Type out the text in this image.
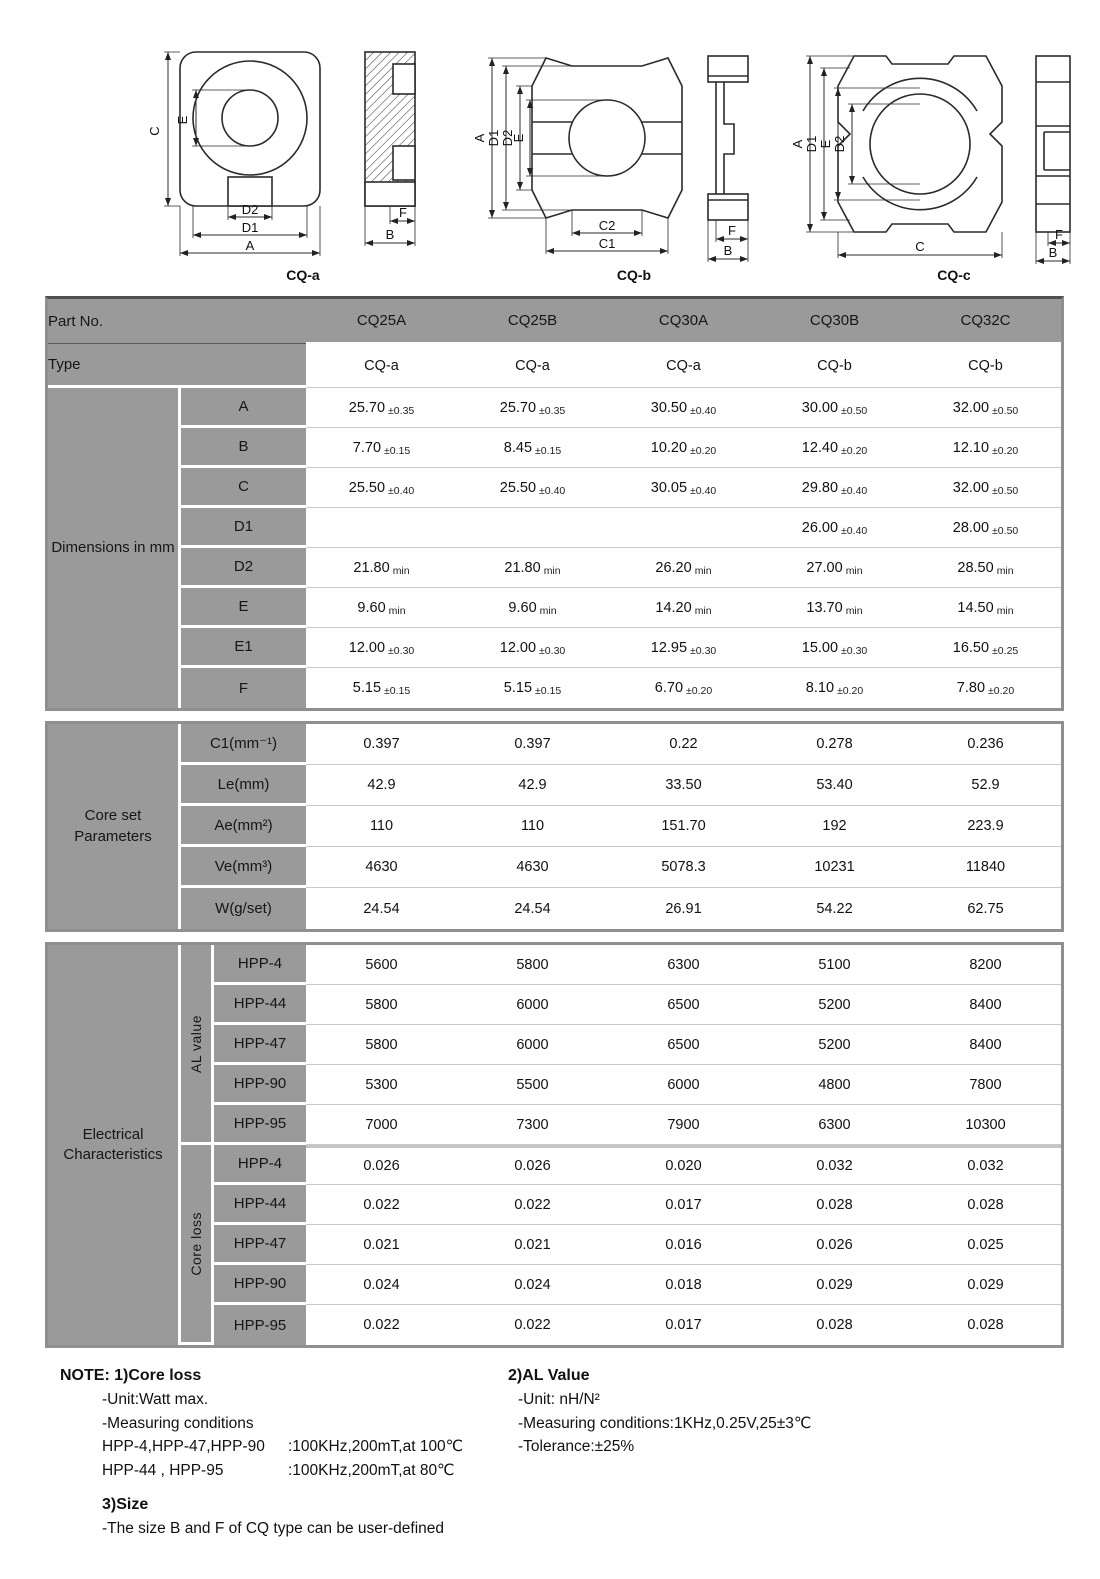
C
E
D2
D1
A
F
B
CQ-a
A D1 D2
E
C2
C1
F
B
CQ-b
A D1 E D2
C
F
B
CQ-c
Part No.		CQ25A	CQ25B	CQ30A	CQ30B	CQ32C
Type		CQ-a	CQ-a	CQ-a	CQ-b	CQ-b
Dimensions in mm	A	25.70 ±0.35	25.70 ±0.35	30.50 ±0.40	30.00 ±0.50	32.00 ±0.50
	B	7.70 ±0.15	8.45 ±0.15	10.20 ±0.20	12.40 ±0.20	12.10 ±0.20
	C	25.50 ±0.40	25.50 ±0.40	30.05 ±0.40	29.80 ±0.40	32.00 ±0.50
	D1				26.00 ±0.40	28.00 ±0.50
	D2	21.80 min	21.80 min	26.20 min	27.00 min	28.50 min
	E	9.60 min	9.60 min	14.20 min	13.70 min	14.50 min
	E1	12.00 ±0.30	12.00 ±0.30	12.95 ±0.30	15.00 ±0.30	16.50 ±0.25
	F	5.15 ±0.15	5.15 ±0.15	6.70 ±0.20	8.10 ±0.20	7.80 ±0.20
Core set Parameters	C1(mm⁻¹)	0.397	0.397	0.22	0.278	0.236
	Le(mm)	42.9	42.9	33.50	53.40	52.9
	Ae(mm²)	110	110	151.70	192	223.9
	Ve(mm³)	4630	4630	5078.3	10231	11840
	W(g/set)	24.54	24.54	26.91	54.22	62.75
Electrical Characteristics	AL value	HPP-4	5600	5800	6300	5100	8200
		HPP-44	5800	6000	6500	5200	8400
		HPP-47	5800	6000	6500	5200	8400
		HPP-90	5300	5500	6000	4800	7800
		HPP-95	7000	7300	7900	6300	10300

	Core loss	HPP-4	0.026	0.026	0.020	0.032	0.032
		HPP-44	0.022	0.022	0.017	0.028	0.028
		HPP-47	0.021	0.021	0.016	0.026	0.025
		HPP-90	0.024	0.024	0.018	0.029	0.029
		HPP-95	0.022	0.022	0.017	0.028	0.028
NOTE: 1)Core loss
-Unit:Watt max.
-Measuring conditions
HPP-4,HPP-47,HPP-90	:100KHz,200mT,at 100℃
HPP-44 , HPP-95	:100KHz,200mT,at 80℃
3)Size
-The size B and F of CQ type can be user-defined
2)AL Value
-Unit: nH/N²
-Measuring conditions:1KHz,0.25V,25±3℃
-Tolerance:±25%
